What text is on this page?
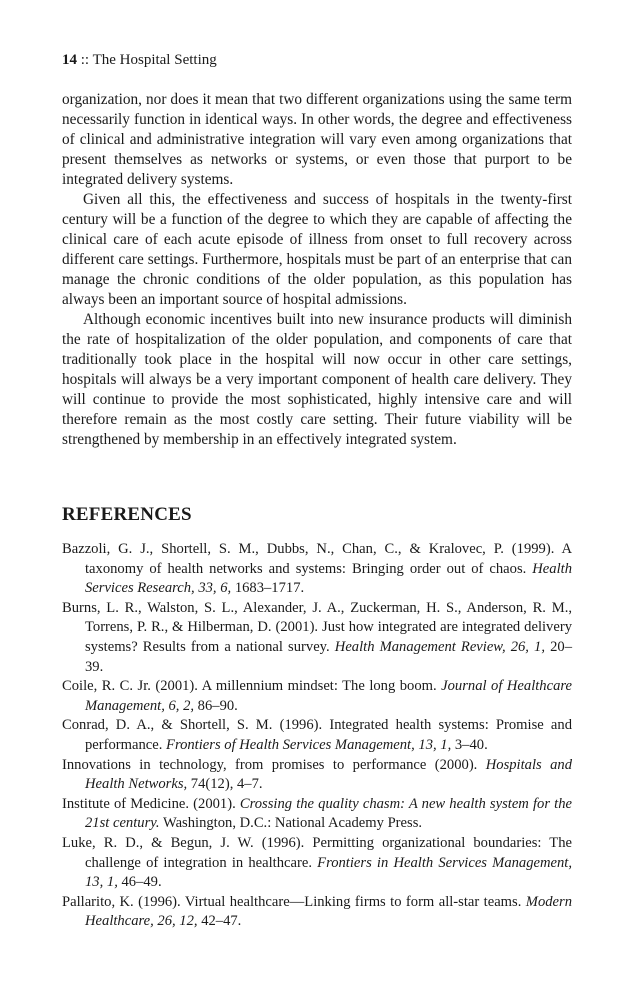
14 :: The Hospital Setting

organization, nor does it mean that two different organizations using the same term necessarily function in identical ways. In other words, the degree and effectiveness of clinical and administrative integration will vary even among organizations that present themselves as networks or systems, or even those that purport to be integrated delivery systems.

Given all this, the effectiveness and success of hospitals in the twenty-first century will be a function of the degree to which they are capable of affecting the clinical care of each acute episode of illness from onset to full recovery across different care settings. Furthermore, hospitals must be part of an enterprise that can manage the chronic conditions of the older population, as this population has always been an important source of hospital admissions.

Although economic incentives built into new insurance products will diminish the rate of hospitalization of the older population, and components of care that traditionally took place in the hospital will now occur in other care settings, hospitals will always be a very important component of health care delivery. They will continue to provide the most sophisticated, highly intensive care and will therefore remain as the most costly care setting. Their future viability will be strengthened by membership in an effectively integrated system.

REFERENCES
Bazzoli, G. J., Shortell, S. M., Dubbs, N., Chan, C., & Kralovec, P. (1999). A taxonomy of health networks and systems: Bringing order out of chaos. Health Services Research, 33, 6, 1683–1717.
Burns, L. R., Walston, S. L., Alexander, J. A., Zuckerman, H. S., Anderson, R. M., Torrens, P. R., & Hilberman, D. (2001). Just how integrated are integrated delivery systems? Results from a national survey. Health Management Review, 26, 1, 20–39.
Coile, R. C. Jr. (2001). A millennium mindset: The long boom. Journal of Healthcare Management, 6, 2, 86–90.
Conrad, D. A., & Shortell, S. M. (1996). Integrated health systems: Promise and performance. Frontiers of Health Services Management, 13, 1, 3–40.
Innovations in technology, from promises to performance (2000). Hospitals and Health Networks, 74(12), 4–7.
Institute of Medicine. (2001). Crossing the quality chasm: A new health system for the 21st century. Washington, D.C.: National Academy Press.
Luke, R. D., & Begun, J. W. (1996). Permitting organizational boundaries: The challenge of integration in healthcare. Frontiers in Health Services Management, 13, 1, 46–49.
Pallarito, K. (1996). Virtual healthcare—Linking firms to form all-star teams. Modern Healthcare, 26, 12, 42–47.
